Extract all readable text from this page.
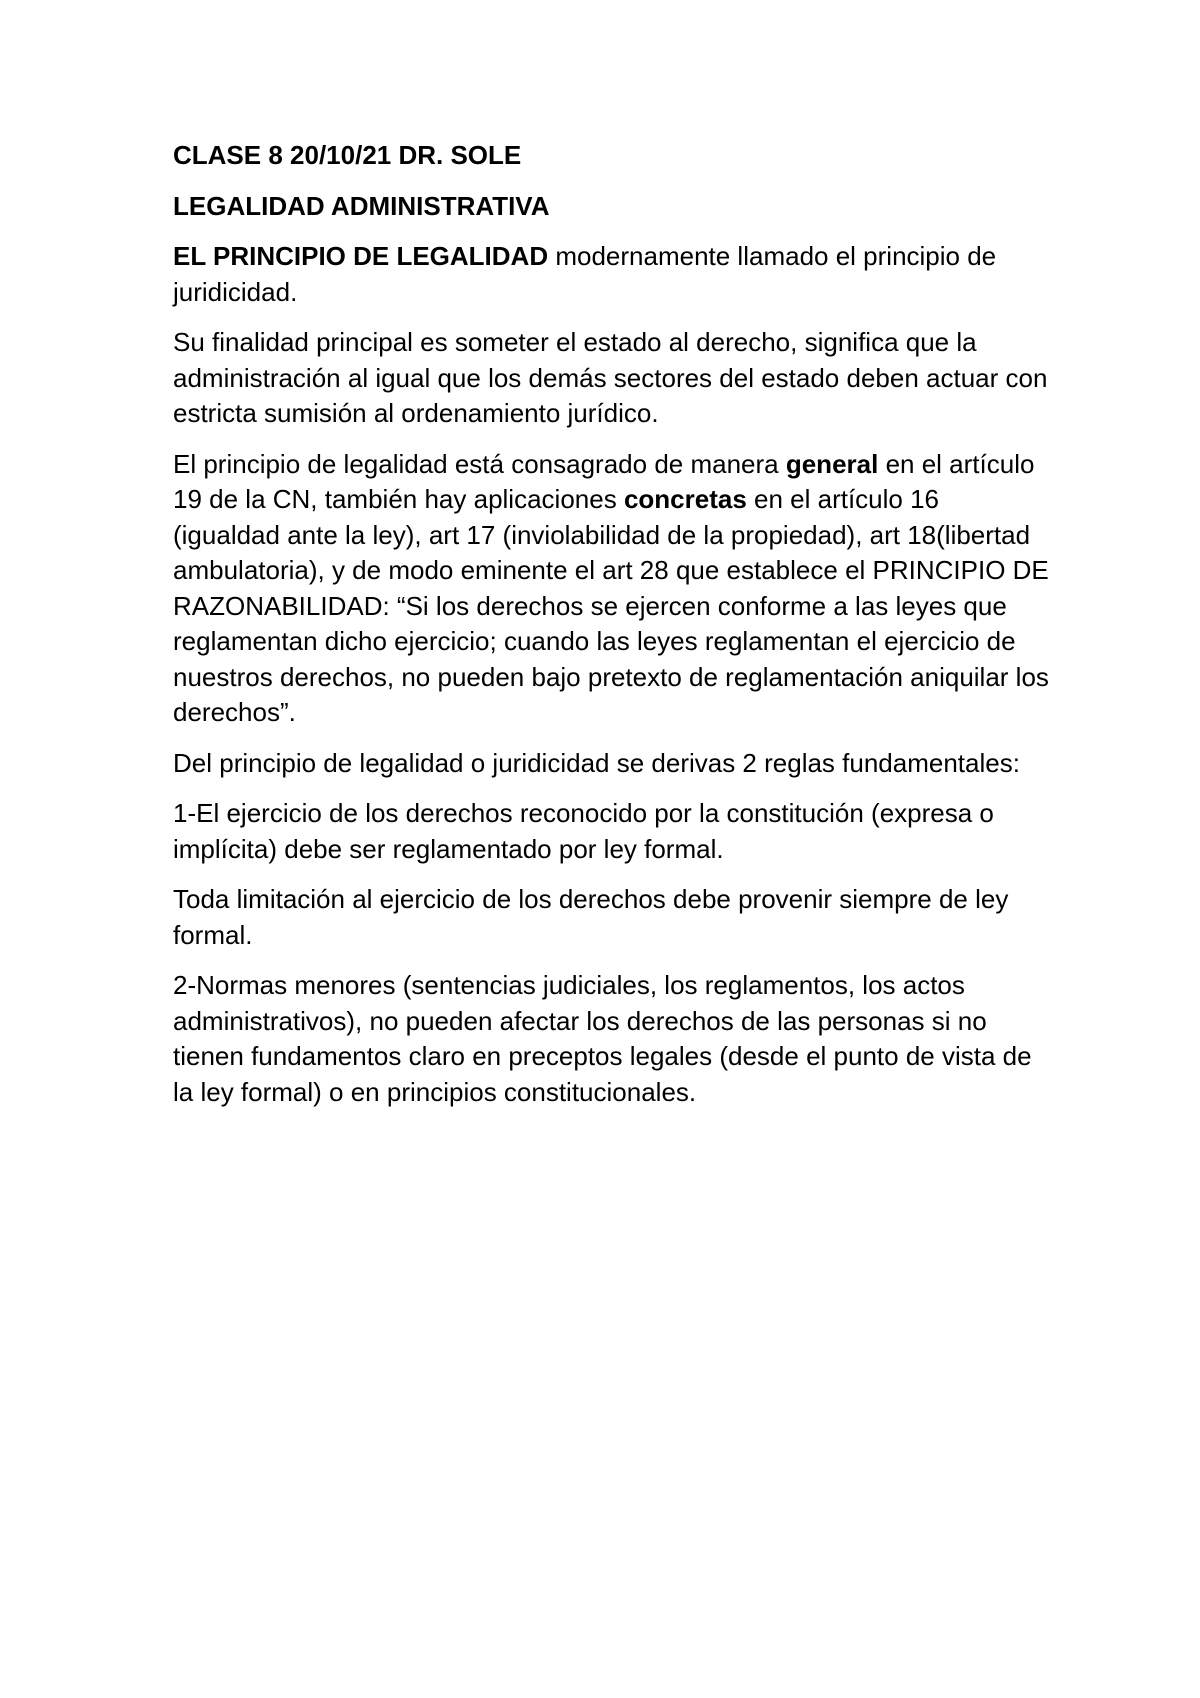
CLASE 8 20/10/21 DR. SOLE

LEGALIDAD ADMINISTRATIVA

EL PRINCIPIO DE LEGALIDAD modernamente llamado el principio de juridicidad.

Su finalidad principal es someter el estado al derecho, significa que la administración al igual que los demás sectores del estado deben actuar con estricta sumisión al ordenamiento jurídico.

El principio de legalidad está consagrado de manera general en el artículo 19 de la CN, también hay aplicaciones concretas en el artículo 16 (igualdad ante la ley), art 17 (inviolabilidad de la propiedad), art 18(libertad ambulatoria), y de modo eminente el art 28 que establece el PRINCIPIO DE RAZONABILIDAD: “Si los derechos se ejercen conforme a las leyes que reglamentan dicho ejercicio; cuando las leyes reglamentan el ejercicio de nuestros derechos, no pueden bajo pretexto de reglamentación aniquilar los derechos”.

Del principio de legalidad o juridicidad se derivas 2 reglas fundamentales:

1-El ejercicio de los derechos reconocido por la constitución (expresa o implícita) debe ser reglamentado por ley formal.

Toda limitación al ejercicio de los derechos debe provenir siempre de ley formal.

2-Normas menores (sentencias judiciales, los reglamentos, los actos administrativos), no pueden afectar los derechos de las personas si no tienen fundamentos claro en preceptos legales (desde el punto de vista de la ley formal) o en principios constitucionales.
